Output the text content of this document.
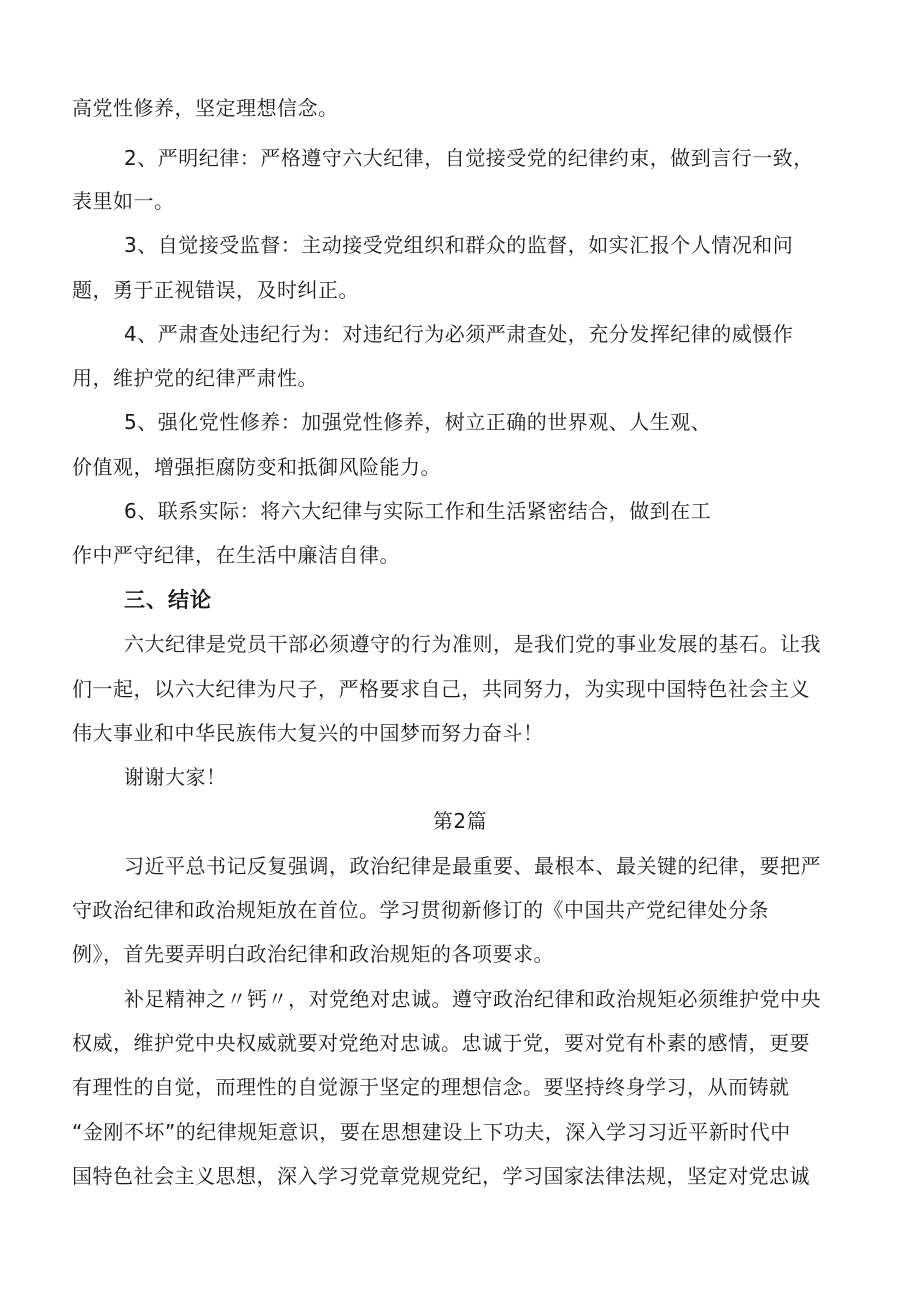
高党性修养，坚定理想信念。
2、严明纪律：严格遵守六大纪律，自觉接受党的纪律约束，做到言行一致，
表里如一。
3、自觉接受监督：主动接受党组织和群众的监督，如实汇报个人情况和问
题，勇于正视错误，及时纠正。
4、严肃查处违纪行为：对违纪行为必须严肃查处，充分发挥纪律的威慑作
用，维护党的纪律严肃性。
5、强化党性修养：加强党性修养，树立正确的世界观、人生观、
价值观，增强拒腐防变和抵御风险能力。
6、联系实际：将六大纪律与实际工作和生活紧密结合，做到在工
作中严守纪律，在生活中廉洁自律。
三、结论
六大纪律是党员干部必须遵守的行为准则，是我们党的事业发展的基石。让我
们一起，以六大纪律为尺子，严格要求自己，共同努力，为实现中国特色社会主义
伟大事业和中华民族伟大复兴的中国梦而努力奋斗！
谢谢大家！
第2篇
习近平总书记反复强调，政治纪律是最重要、最根本、最关键的纪律，要把严
守政治纪律和政治规矩放在首位。学习贯彻新修订的《中国共产党纪律处分条
例》，首先要弄明白政治纪律和政治规矩的各项要求。
补足精神之〃钙〃，对党绝对忠诚。遵守政治纪律和政治规矩必须维护党中央
权威，维护党中央权威就要对党绝对忠诚。忠诚于党，要对党有朴素的感情，更要
有理性的自觉，而理性的自觉源于坚定的理想信念。要坚持终身学习，从而铸就
“金刚不坏”的纪律规矩意识，要在思想建设上下功夫，深入学习习近平新时代中
国特色社会主义思想，深入学习党章党规党纪，学习国家法律法规，坚定对党忠诚
